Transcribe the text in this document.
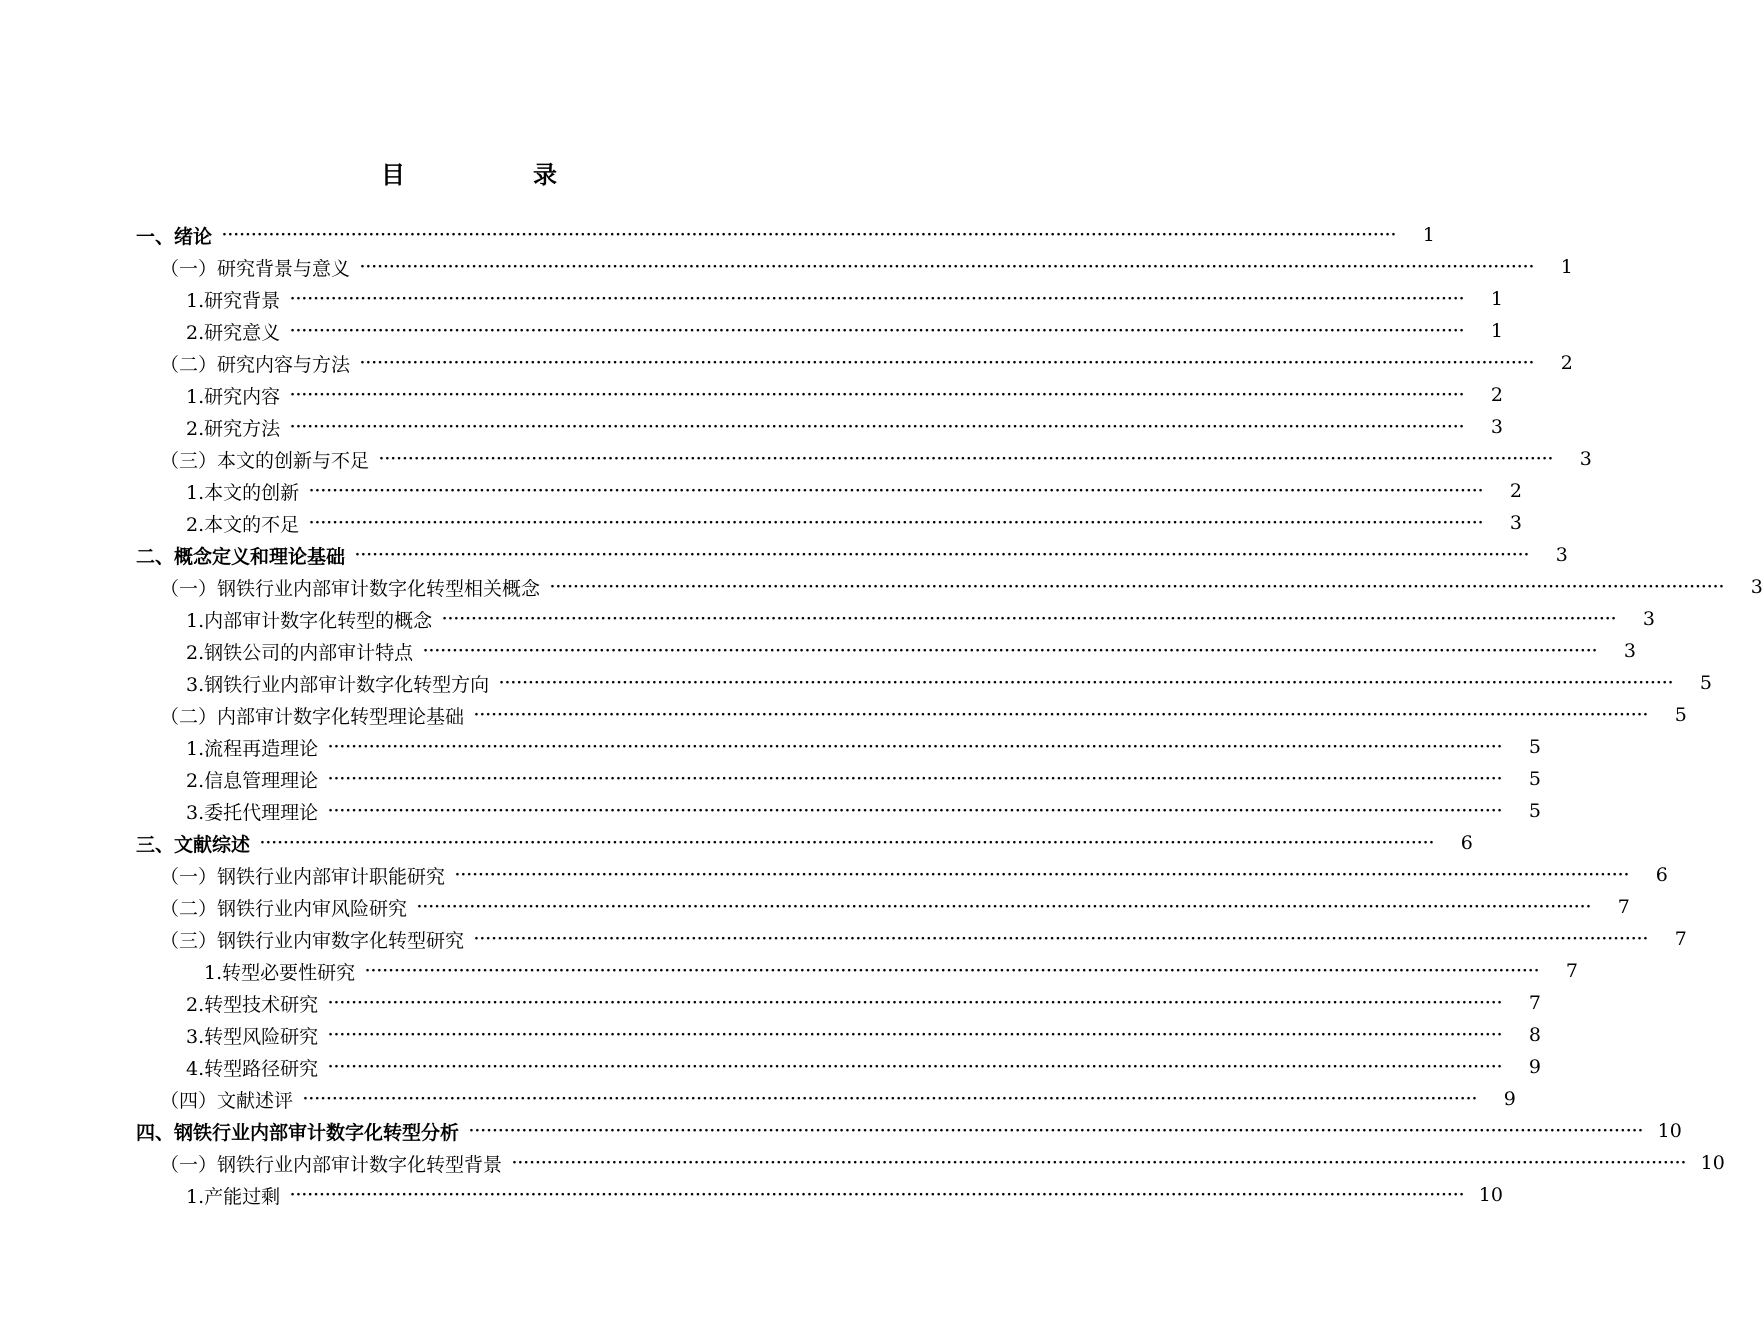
目　录
一、绪论 ········································································································································································································	1
（一）研究背景与意义 ········································································································································································································	1
1.研究背景 ········································································································································································································	1
2.研究意义 ········································································································································································································	1
（二）研究内容与方法 ········································································································································································································	2
1.研究内容 ········································································································································································································	2
2.研究方法 ········································································································································································································	3
（三）本文的创新与不足 ········································································································································································································	3
1.本文的创新 ········································································································································································································	2
2.本文的不足 ········································································································································································································	3
二、概念定义和理论基础 ········································································································································································································	3
（一）钢铁行业内部审计数字化转型相关概念 ········································································································································································································	3
1.内部审计数字化转型的概念 ········································································································································································································	3
2.钢铁公司的内部审计特点 ········································································································································································································	3
3.钢铁行业内部审计数字化转型方向 ········································································································································································································	5
（二）内部审计数字化转型理论基础 ········································································································································································································	5
1.流程再造理论 ········································································································································································································	5
2.信息管理理论 ········································································································································································································	5
3.委托代理理论 ········································································································································································································	5
三、文献综述 ········································································································································································································	6
（一）钢铁行业内部审计职能研究 ········································································································································································································	6
（二）钢铁行业内审风险研究 ········································································································································································································	7
（三）钢铁行业内审数字化转型研究 ········································································································································································································	7
1.转型必要性研究 ········································································································································································································	7
2.转型技术研究 ········································································································································································································	7
3.转型风险研究 ········································································································································································································	8
4.转型路径研究 ········································································································································································································	9
（四）文献述评 ········································································································································································································	9
四、钢铁行业内部审计数字化转型分析 ········································································································································································································ 10
（一）钢铁行业内部审计数字化转型背景 ········································································································································································································ 10
1.产能过剩 ········································································································································································································ 10
